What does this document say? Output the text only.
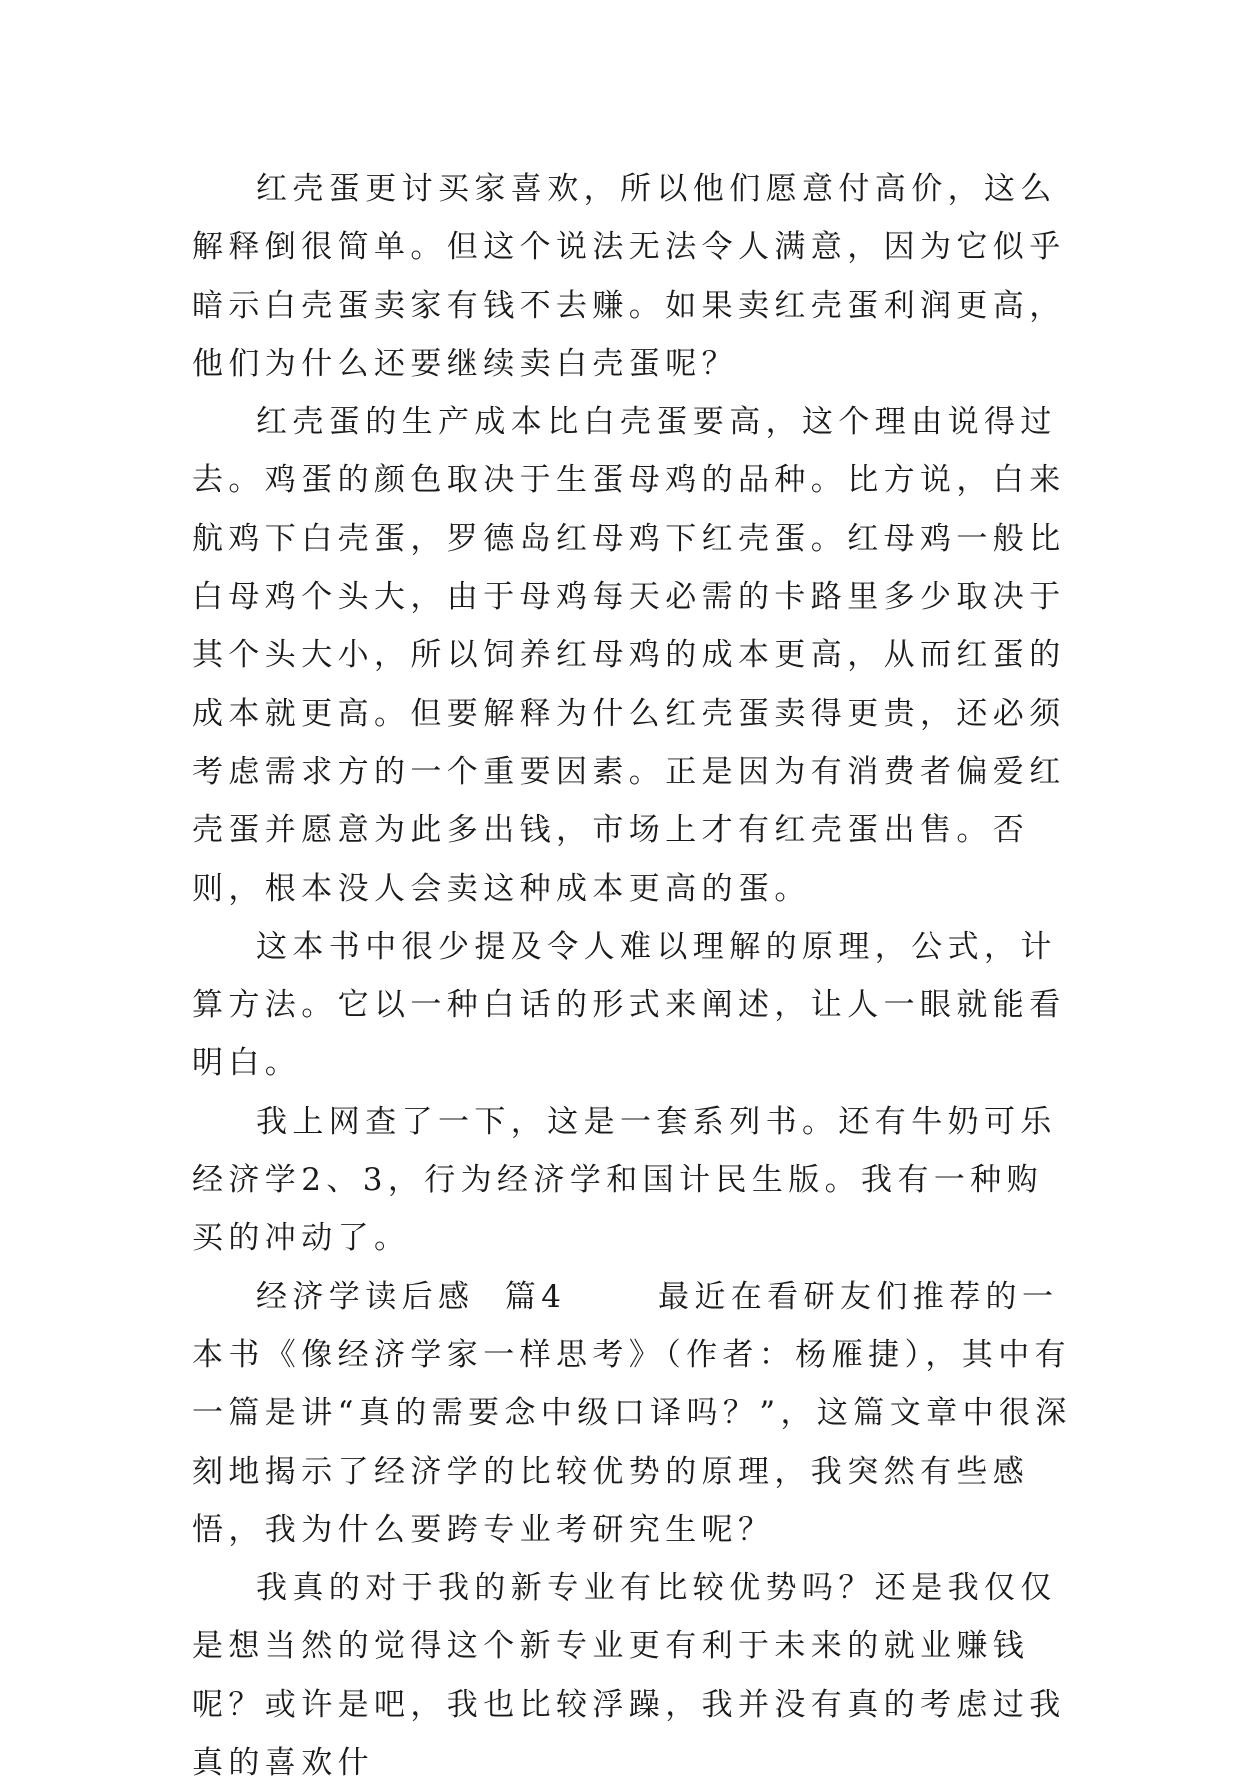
红壳蛋更讨买家喜欢，所以他们愿意付高价，这么解释倒很简单。但这个说法无法令人满意，因为它似乎暗示白壳蛋卖家有钱不去赚。如果卖红壳蛋利润更高，他们为什么还要继续卖白壳蛋呢？

红壳蛋的生产成本比白壳蛋要高，这个理由说得过去。鸡蛋的颜色取决于生蛋母鸡的品种。比方说，白来航鸡下白壳蛋，罗德岛红母鸡下红壳蛋。红母鸡一般比白母鸡个头大，由于母鸡每天必需的卡路里多少取决于其个头大小，所以饲养红母鸡的成本更高，从而红蛋的成本就更高。但要解释为什么红壳蛋卖得更贵，还必须考虑需求方的一个重要因素。正是因为有消费者偏爱红壳蛋并愿意为此多出钱，市场上才有红壳蛋出售。否则，根本没人会卖这种成本更高的蛋。

这本书中很少提及令人难以理解的原理，公式，计算方法。它以一种白话的形式来阐述，让人一眼就能看明白。

我上网查了一下，这是一套系列书。还有牛奶可乐经济学2、3，行为经济学和国计民生版。我有一种购买的冲动了。

经济学读后感  篇4      最近在看研友们推荐的一本书《像经济学家一样思考》（作者：杨雁捷），其中有一篇是讲“真的需要念中级口译吗？”，这篇文章中很深刻地揭示了经济学的比较优势的原理，我突然有些感悟，我为什么要跨专业考研究生呢？

我真的对于我的新专业有比较优势吗？还是我仅仅是想当然的觉得这个新专业更有利于未来的就业赚钱呢？或许是吧，我也比较浮躁，我并没有真的考虑过我真的喜欢什
